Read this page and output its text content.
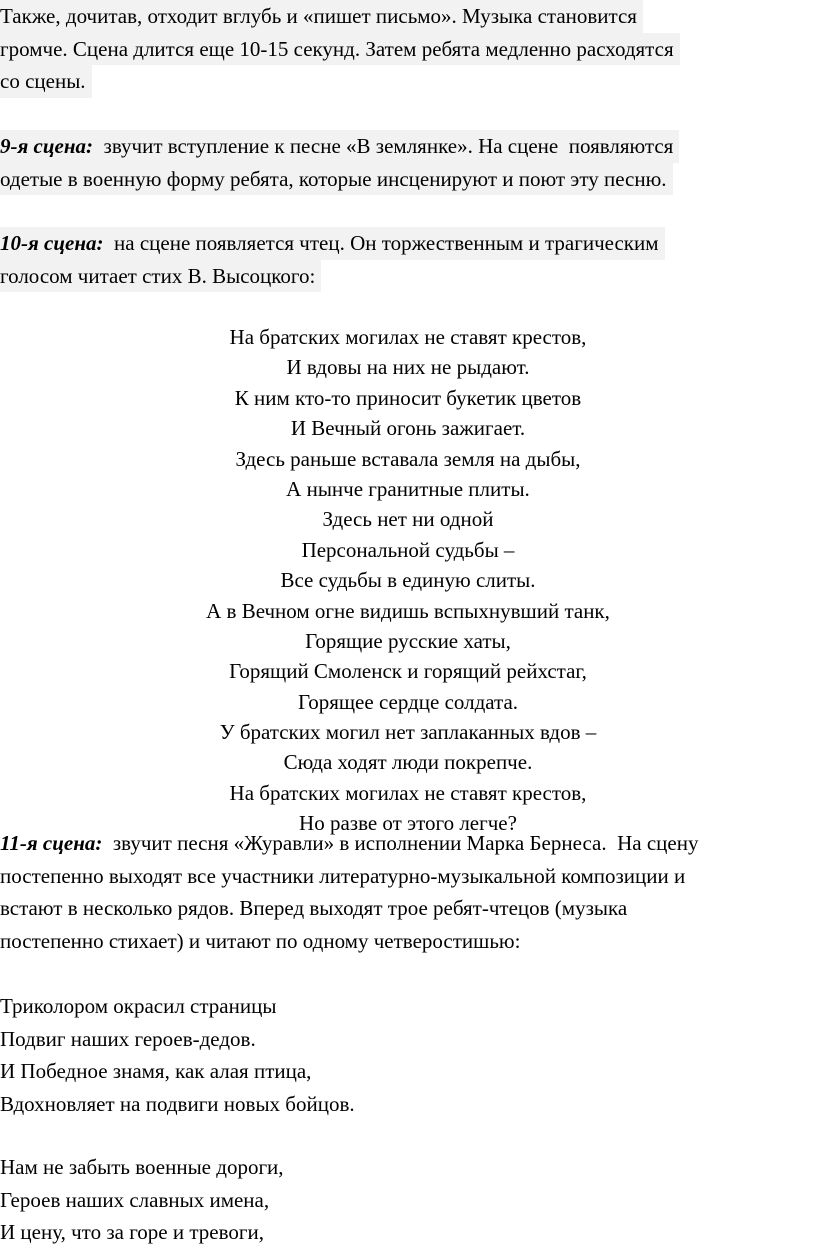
Также, дочитав, отходит вглубь и «пишет письмо». Музыка становится
громче. Сцена длится еще 10-15 секунд. Затем ребята медленно расходятся
со сцены.
9-я сцена:  звучит вступление к песне «В землянке». На сцене  появляются
одетые в военную форму ребята, которые инсценируют и поют эту песню.
10-я сцена:  на сцене появляется чтец. Он торжественным и трагическим
голосом читает стих В. Высоцкого:
На братских могилах не ставят крестов,
И вдовы на них не рыдают.
К ним кто-то приносит букетик цветов
И Вечный огонь зажигает.
Здесь раньше вставала земля на дыбы,
А нынче гранитные плиты.
Здесь нет ни одной
Персональной судьбы –
Все судьбы в единую слиты.
А в Вечном огне видишь вспыхнувший танк,
Горящие русские хаты,
Горящий Смоленск и горящий рейхстаг,
Горящее сердце солдата.
У братских могил нет заплаканных вдов –
Сюда ходят люди покрепче.
На братских могилах не ставят крестов,
Но разве от этого легче?
11-я сцена:  звучит песня «Журавли» в исполнении Марка Бернеса.  На сцену
постепенно выходят все участники литературно-музыкальной композиции и
встают в несколько рядов. Вперед выходят трое ребят-чтецов (музыка
постепенно стихает) и читают по одному четверостишью:
Триколором окрасил страницы
Подвиг наших героев-дедов.
И Победное знамя, как алая птица,
Вдохновляет на подвиги новых бойцов.
Нам не забыть военные дороги,
Героев наших славных имена,
И цену, что за горе и тревоги,
